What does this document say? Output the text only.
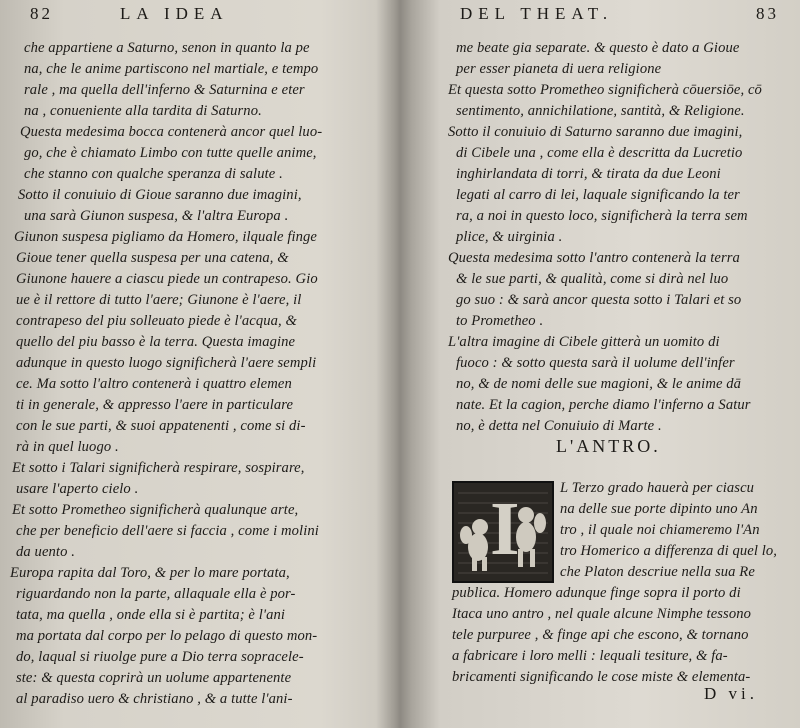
82	LA IDEA
che appartiene a Saturno, senon in quanto la pe
na, che le anime partiscono nel martiale, e tempo
rale , ma quella dell'inferno & Saturnina e eter
na , conueniente alla tardita di Saturno.
Questa medesima bocca contenerà ancor quel luo-
go, che è chiamato Limbo con tutte quelle anime,
che stanno con qualche speranza di salute .
Sotto il conuiuio di Gioue saranno due imagini,
una sarà Giunon suspesa, & l'altra Europa .
Giunon suspesa pigliamo da Homero, ilquale finge
Gioue tener quella suspesa per una catena, &
Giunone hauere a ciascu piede un contrapeso. Gio
ue è il rettore di tutto l'aere; Giunone è l'aere, il
contrapeso del piu solleuato piede è l'acqua, &
quello del piu basso è la terra. Questa imagine
adunque in questo luogo significherà l'aere sempli
ce. Ma sotto l'altro contenerà i quattro elemen
ti in generale, & appresso l'aere in particulare
con le sue parti, & suoi appatenenti , come si di-
rà in quel luogo .
Et sotto i Talari significherà respirare, sospirare,
usare l'aperto cielo .
Et sotto Prometheo significherà qualunque arte,
che per beneficio dell'aere si faccia , come i molini
da uento .
Europa rapita dal Toro, & per lo mare portata,
riguardando non la parte, allaquale ella è por-
tata, ma quella , onde ella si è partita; è l'ani
ma portata dal corpo per lo pelago di questo mon-
do, laqual si riuolge pure a Dio terra sopracele-
ste: & questa coprirà un uolume appartenente
al paradiso uero & christiano , & a tutte l'ani-
DEL THEAT.	83
me beate gia separate. & questo è dato a Gioue
per esser pianeta di uera religione
Et questa sotto Prometheo significherà cōuersiōe, cō
sentimento, annichilatione, santità, & Religione.
Sotto il conuiuio di Saturno saranno due imagini,
di Cibele una , come ella è descritta da Lucretio
inghirlandata di torri, & tirata da due Leoni
legati al carro di lei, laquale significando la ter
ra, a noi in questo loco, significherà la terra sem
plice, & uirginia .
Questa medesima sotto l'antro contenerà la terra
& le sue parti, & qualità, come si dirà nel luo
go suo : & sarà ancor questa sotto i Talari et so
to Prometheo .
L'altra imagine di Cibele gitterà un uomito di
fuoco : & sotto questa sarà il uolume dell'infer
no, & de nomi delle sue magioni, & le anime dā
nate. Et la cagion, perche diamo l'inferno a Satur
no, è detta nel Conuiuio di Marte .
L'ANTRO.
I	L Terzo grado hauerà per ciascu
na delle sue porte dipinto uno An
tro , il quale noi chiameremo l'An
tro Homerico a differenza di quel lo,
che Platon descriue nella sua Re
publica. Homero adunque finge sopra il porto di
Itaca uno antro , nel quale alcune Nimphe tessono
tele purpuree , & finge api che escono, & tornano
a fabricare i loro melli : lequali tesiture, & fa-
bricamenti significando le cose miste & elementa-
D vi.
